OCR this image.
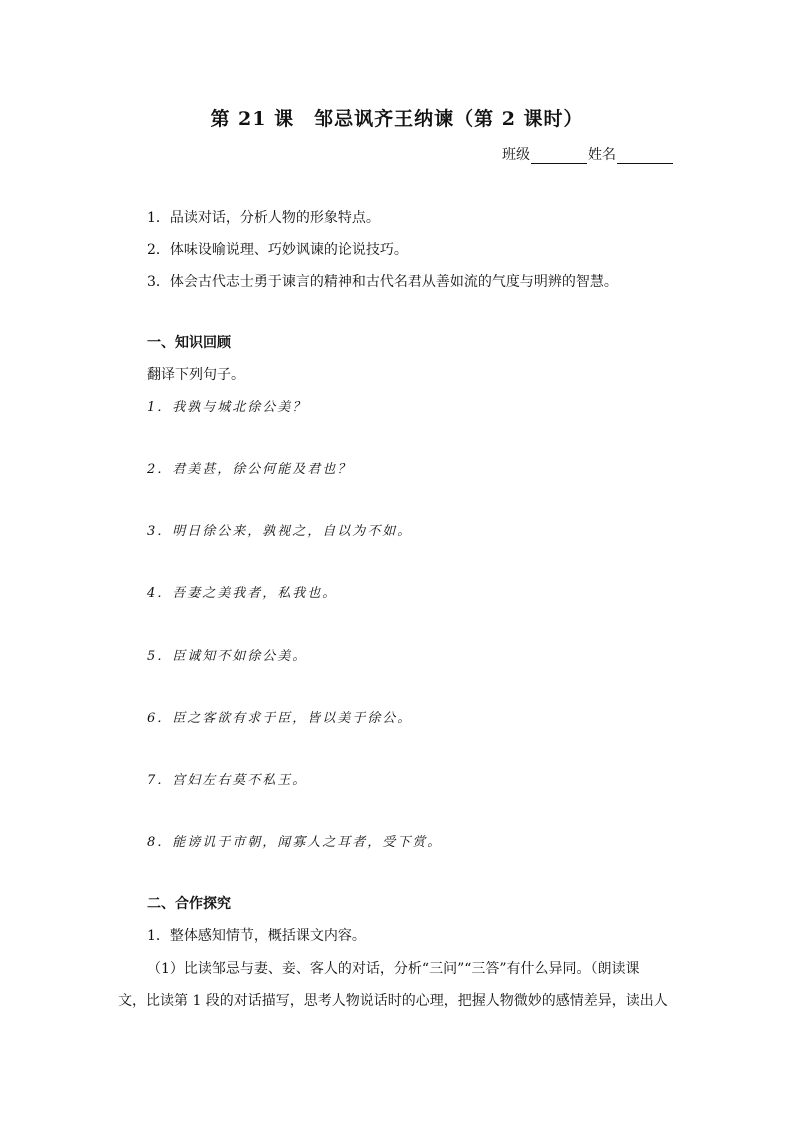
第 21 课　邹忌讽齐王纳谏（第 2 课时）
班级	姓名
1．品读对话，分析人物的形象特点。
2．体味设喻说理、巧妙讽谏的论说技巧。
3．体会古代志士勇于谏言的精神和古代名君从善如流的气度与明辨的智慧。
一、知识回顾
翻译下列句子。
1．我孰与城北徐公美？
2．君美甚，徐公何能及君也？
3．明日徐公来，孰视之，自以为不如。
4．吾妻之美我者，私我也。
5．臣诚知不如徐公美。
6．臣之客欲有求于臣，皆以美于徐公。
7．宫妇左右莫不私王。
8．能谤讥于市朝，闻寡人之耳者，受下赏。
二、合作探究
1．整体感知情节，概括课文内容。
（1）比读邹忌与妻、妾、客人的对话，分析“三问”“三答”有什么异同。（朗读课
文，比读第 1 段的对话描写，思考人物说话时的心理，把握人物微妙的感情差异，读出人
